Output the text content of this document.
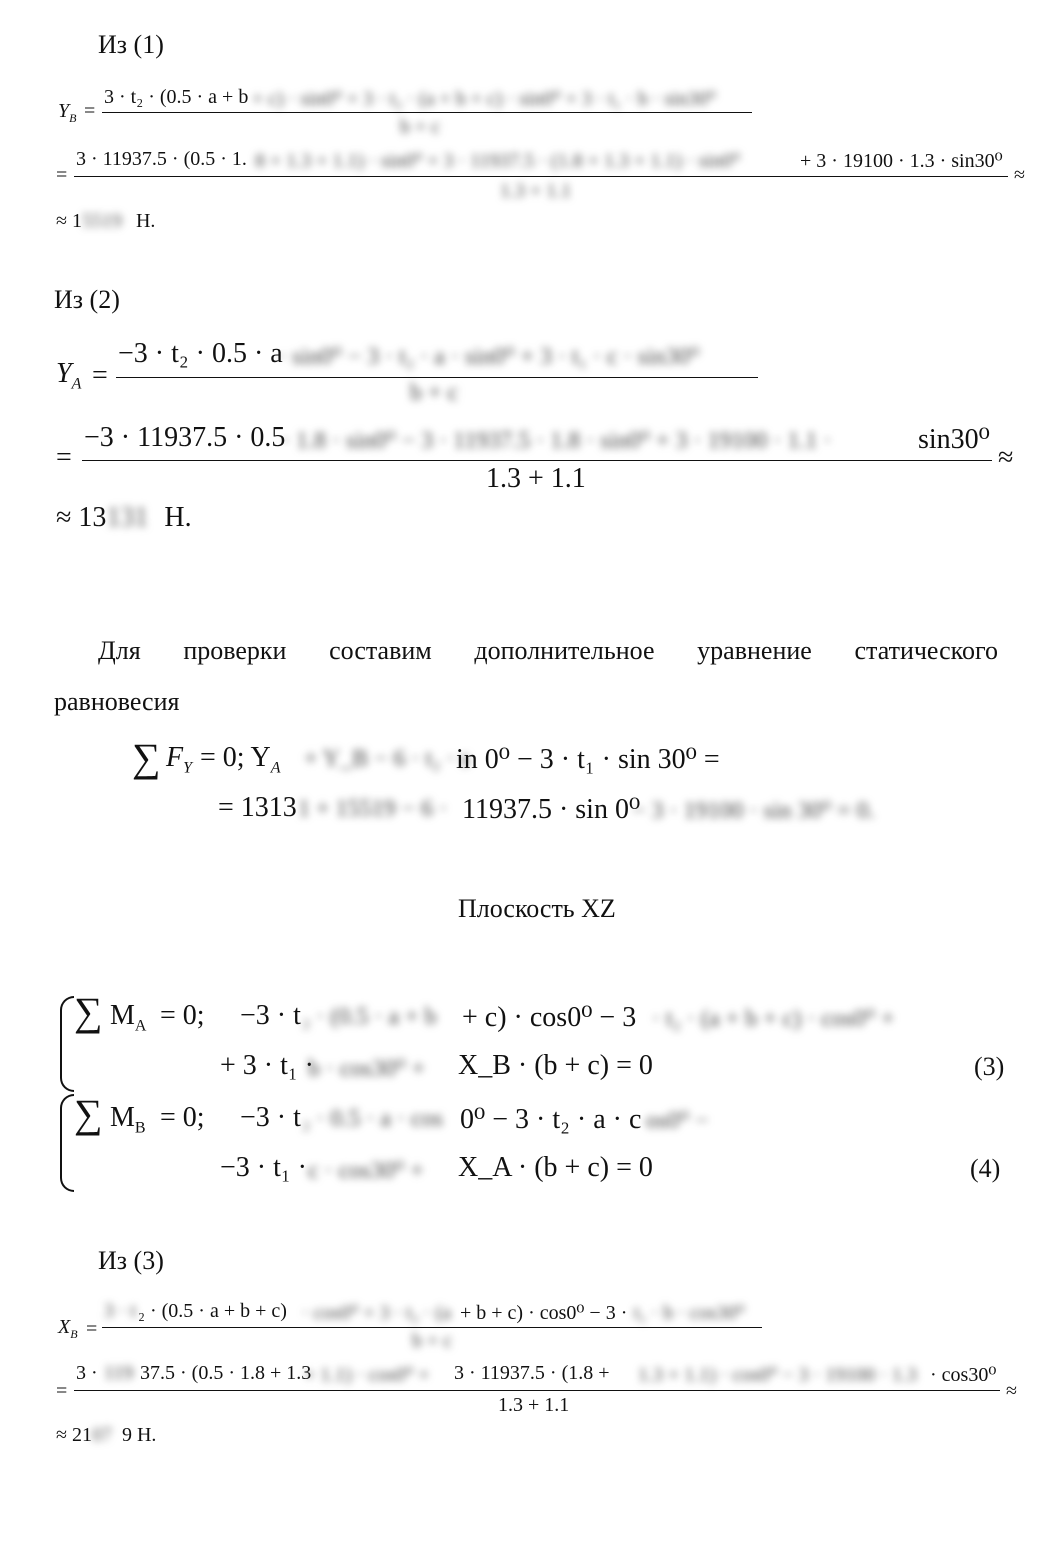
Из (1)
$Y_B$ =
3 · t₂ · (0.5 · a + b + c) · sin0⁰ + 3 · t₂ · (a + b + c) · sin0⁰ + 3 · t₁ · b · sin30⁰
b + c
=
3 · 11937.5 · (0.5 · 1. 8 + 1.3 + 1.1) · sin0⁰ + 3 · 11937.5 · (1.8 + 1.3 + 1.1) · sin0⁰	+ 3 · 19100 · 1.3 · sin30⁰
1.3 + 1.1
≈
≈ 15519 Н.
Из (2)
$Y_A$ =
−3 · t₂ · 0.5 · a
· sin0⁰ − 3 · t₂ · a · sin0⁰ + 3 · t₁ · c · sin30⁰
b + c
=
−3 · 11937.5 · 0.5
· 1.8 · sin0⁰ − 3 · 11937.5 · 1.8 · sin0⁰ + 3 · 19100 · 1.1 ·	sin30⁰
1.3 + 1.1
≈
≈ 13131 Н.
Для проверки составим дополнительное уравнение статического
равновесия
∑ $F_Y = 0$; $Y_A$ + Y_B − 6 · t₂ · s
in 0⁰ − 3 · t₁ · sin 30⁰ =
= 1313 1 + 15519 − 6 · 11937.5 · sin 0⁰
− 3 · 19100 · sin 30⁰ = 0.
Плоскость XZ
∑ $M_A = 0$; −3 · t ₂ · (0.5 · a + b + c) · cos0⁰ − 3 · t₂ · (a + b + c) · cos0⁰ +
+ 3 · t₁ ·
b · cos30⁰ + X_B · (b + c) = 0	(3)
∑ $M_B = 0$; −3 · t ₂ · 0.5 · a · cos 0⁰ − 3 · t₂ · a · c os0⁰ −
−3 · t₁ · c · cos30⁰ + X_A · (b + c) = 0	(4)
Из (3)
$X_B$ =
3 · t ₂ · (0.5 · a + b + c) · cos0⁰ + 3 · t₂ · (a + b + c) · cos0⁰ − 3 · t₁ · b · cos30⁰
b + c
=
3 · 119 37.5 · (0.5 · 1.8 + 1.3
+ 1.1) · cos0⁰ + 3 · 11937.5 · (1.8 + 1.3 + 1.1) · cos0⁰ − 3 · 19100 · 1.3 · cos30⁰
1.3 + 1.1
≈
≈ 2107 9 Н.
